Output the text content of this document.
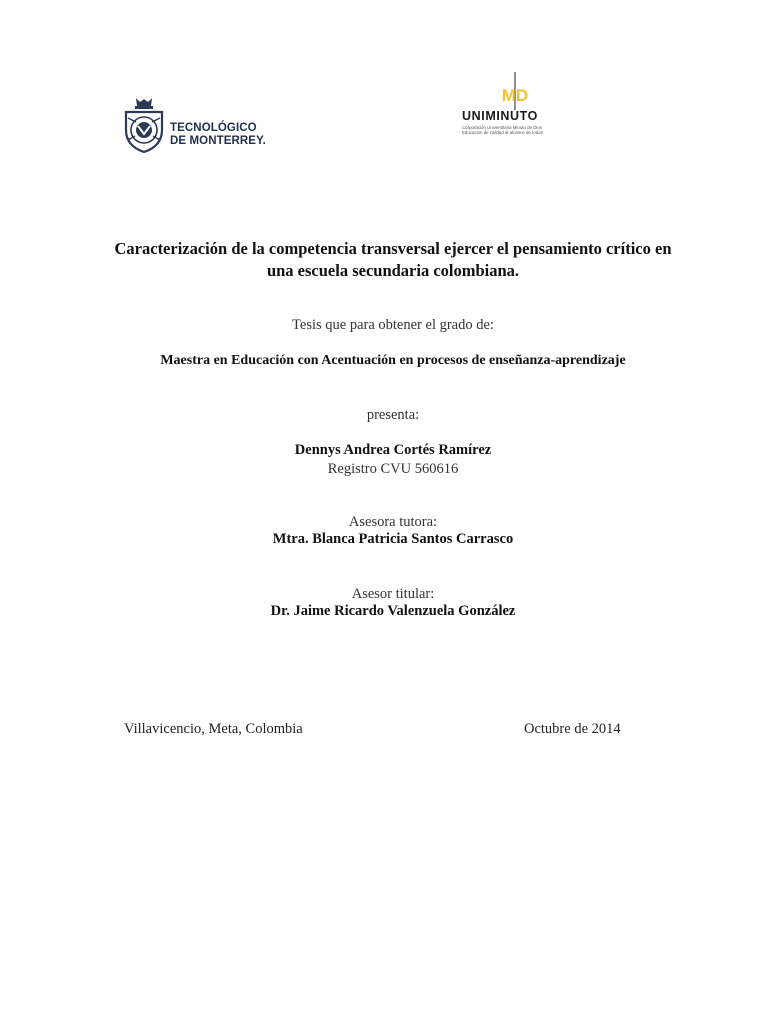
TECNOLÓGICO
DE MONTERREY.
MD
UNIMINUTO
Corporación Universitaria Minuto de Dios
Educación de calidad al alcance de todos
Caracterización de la competencia transversal ejercer el pensamiento crítico en una escuela secundaria colombiana.
Tesis que para obtener el grado de:
Maestra en Educación con Acentuación en procesos de enseñanza-aprendizaje
presenta:
Dennys Andrea Cortés Ramírez
Registro CVU 560616
Asesora tutora:
Mtra. Blanca Patricia Santos Carrasco
Asesor titular:
Dr. Jaime Ricardo Valenzuela González
Villavicencio, Meta, Colombia	Octubre de 2014
